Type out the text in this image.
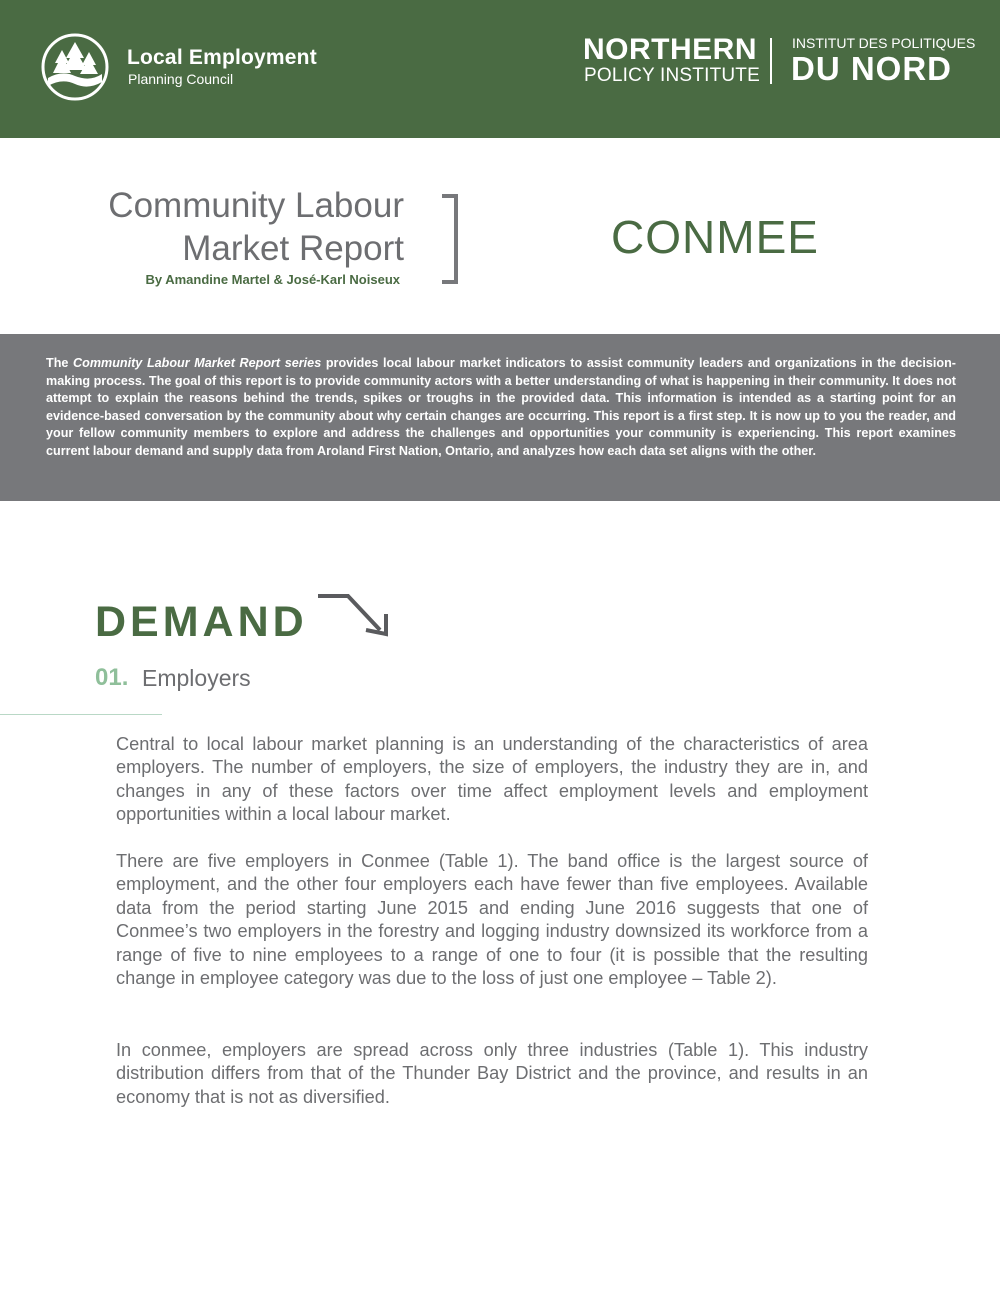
Local Employment
Planning Council
NORTHERN
POLICY INSTITUTE
INSTITUT DES POLITIQUES
DU NORD
Community Labour
Market Report
By Amandine Martel & José-Karl Noiseux
CONMEE

The Community Labour Market Report series provides local labour market indicators to assist community leaders and organizations in the decision-making process. The goal of this report is to provide community actors with a better understanding of what is happening in their community. It does not attempt to explain the reasons behind the trends, spikes or troughs in the provided data. This information is intended as a starting point for an evidence-based conversation by the community about why certain changes are occurring. This report is a first step. It is now up to you the reader, and your fellow community members to explore and address the challenges and opportunities your community is experiencing. This report examines current labour demand and supply data from Aroland First Nation, Ontario, and analyzes how each data set aligns with the other.

DEMAND
01. Employers

Central to local labour market planning is an understanding of the characteristics of area employers. The number of employers, the size of employers, the industry they are in, and changes in any of these factors over time affect employment levels and employment opportunities within a local labour market.

There are five employers in Conmee (Table 1). The band office is the largest source of employment, and the other four employers each have fewer than five employees. Available data from the period starting June 2015 and ending June 2016 suggests that one of Conmee’s two employers in the forestry and logging industry downsized its workforce from a range of five to nine employees to a range of one to four (it is possible that the resulting change in employee category was due to the loss of just one employee – Table 2).

In conmee, employers are spread across only three industries (Table 1). This industry distribution differs from that of the Thunder Bay District and the province, and results in an economy that is not as diversified.
